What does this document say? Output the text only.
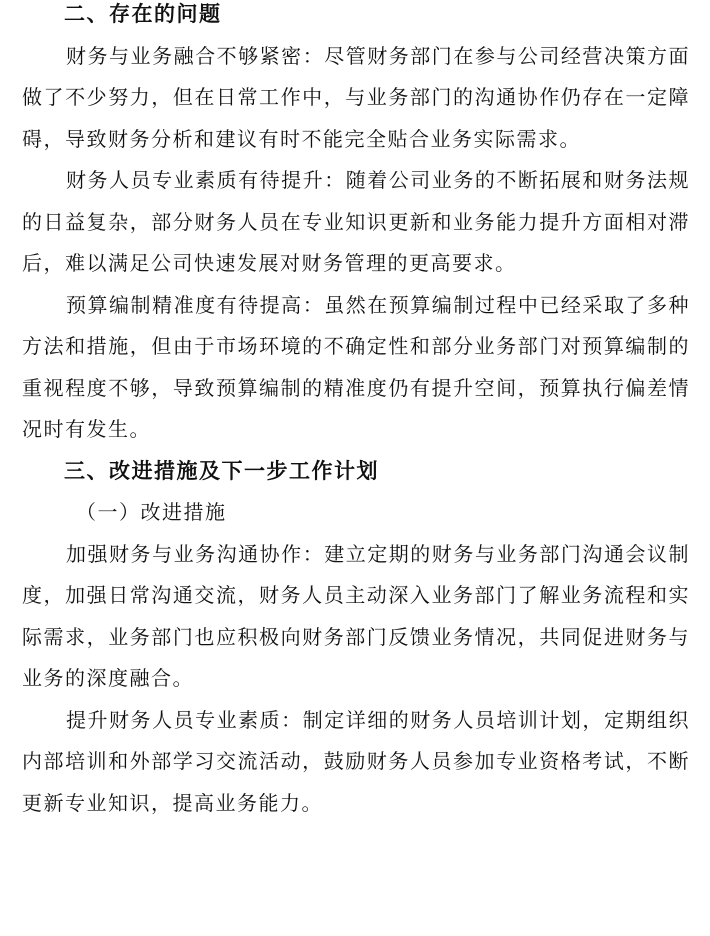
二、存在的问题

财务与业务融合不够紧密：尽管财务部门在参与公司经营决策方面做了不少努力，但在日常工作中，与业务部门的沟通协作仍存在一定障碍，导致财务分析和建议有时不能完全贴合业务实际需求。

财务人员专业素质有待提升：随着公司业务的不断拓展和财务法规的日益复杂，部分财务人员在专业知识更新和业务能力提升方面相对滞后，难以满足公司快速发展对财务管理的更高要求。

预算编制精准度有待提高：虽然在预算编制过程中已经采取了多种方法和措施，但由于市场环境的不确定性和部分业务部门对预算编制的重视程度不够，导致预算编制的精准度仍有提升空间，预算执行偏差情况时有发生。

三、改进措施及下一步工作计划
（一）改进措施

加强财务与业务沟通协作：建立定期的财务与业务部门沟通会议制度，加强日常沟通交流，财务人员主动深入业务部门了解业务流程和实际需求，业务部门也应积极向财务部门反馈业务情况，共同促进财务与业务的深度融合。

提升财务人员专业素质：制定详细的财务人员培训计划，定期组织内部培训和外部学习交流活动，鼓励财务人员参加专业资格考试，不断更新专业知识，提高业务能力。
